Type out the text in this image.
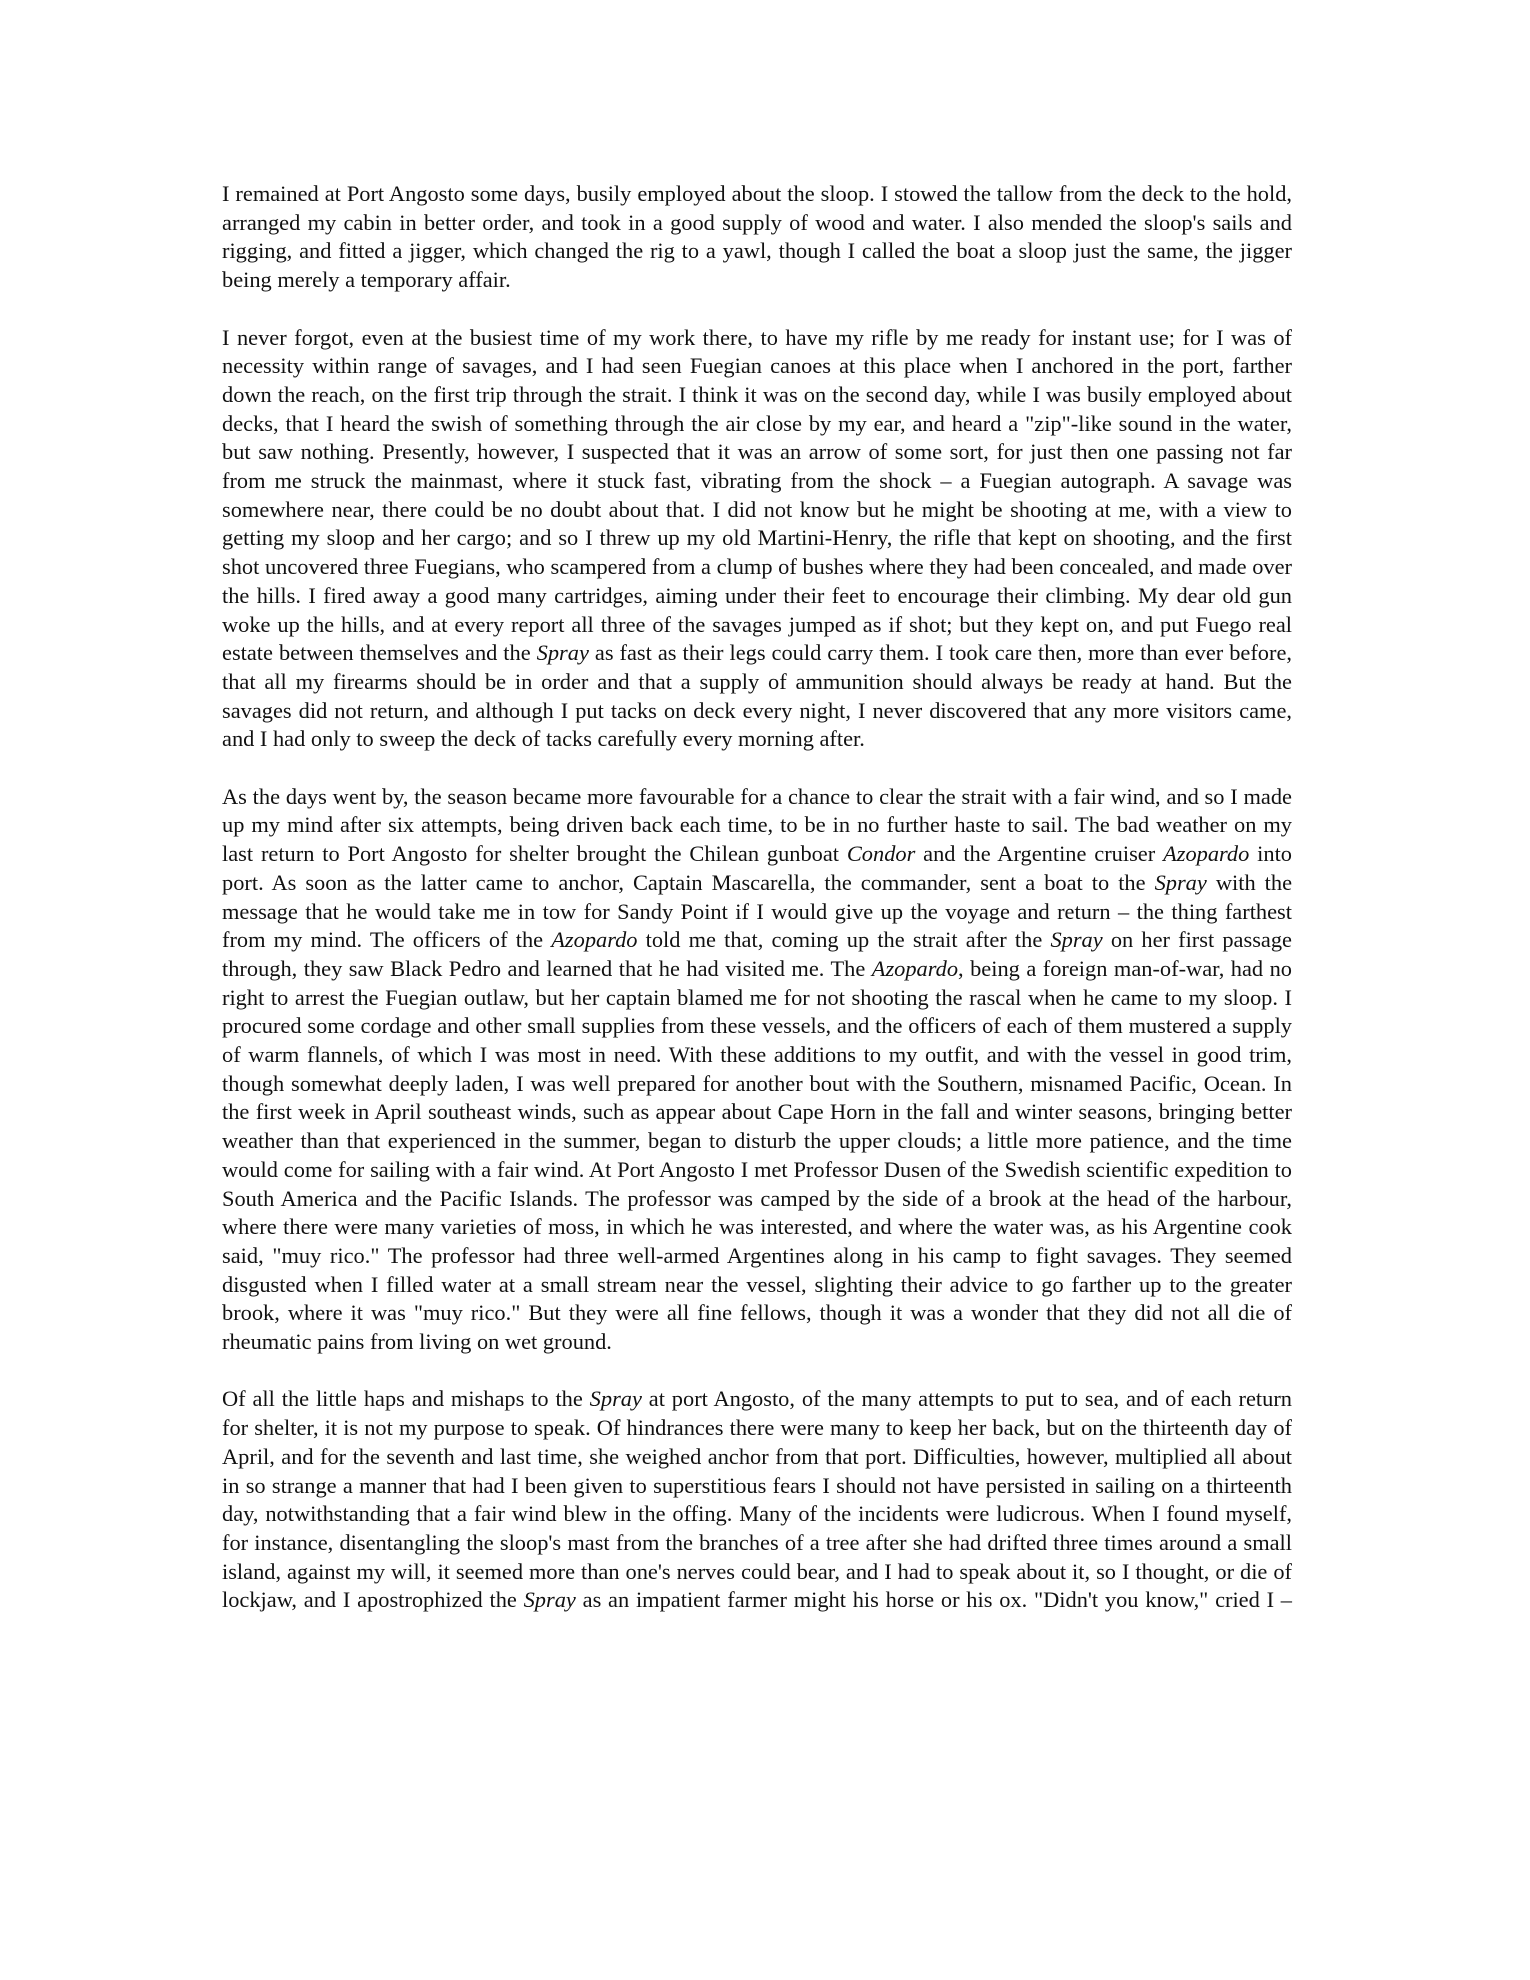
I remained at Port Angosto some days, busily employed about the sloop. I stowed the tallow from the deck to the hold, arranged my cabin in better order, and took in a good supply of wood and water. I also mended the sloop's sails and rigging, and fitted a jigger, which changed the rig to a yawl, though I called the boat a sloop just the same, the jigger being merely a temporary affair.

I never forgot, even at the busiest time of my work there, to have my rifle by me ready for instant use; for I was of necessity within range of savages, and I had seen Fuegian canoes at this place when I anchored in the port, farther down the reach, on the first trip through the strait. I think it was on the second day, while I was busily employed about decks, that I heard the swish of something through the air close by my ear, and heard a "zip"-like sound in the water, but saw nothing. Presently, however, I suspected that it was an arrow of some sort, for just then one passing not far from me struck the mainmast, where it stuck fast, vibrating from the shock – a Fuegian autograph. A savage was somewhere near, there could be no doubt about that. I did not know but he might be shooting at me, with a view to getting my sloop and her cargo; and so I threw up my old Martini-Henry, the rifle that kept on shooting, and the first shot uncovered three Fuegians, who scampered from a clump of bushes where they had been concealed, and made over the hills. I fired away a good many cartridges, aiming under their feet to encourage their climbing. My dear old gun woke up the hills, and at every report all three of the savages jumped as if shot; but they kept on, and put Fuego real estate between themselves and the Spray as fast as their legs could carry them. I took care then, more than ever before, that all my firearms should be in order and that a supply of ammunition should always be ready at hand. But the savages did not return, and although I put tacks on deck every night, I never discovered that any more visitors came, and I had only to sweep the deck of tacks carefully every morning after.

As the days went by, the season became more favourable for a chance to clear the strait with a fair wind, and so I made up my mind after six attempts, being driven back each time, to be in no further haste to sail. The bad weather on my last return to Port Angosto for shelter brought the Chilean gunboat Condor and the Argentine cruiser Azopardo into port. As soon as the latter came to anchor, Captain Mascarella, the commander, sent a boat to the Spray with the message that he would take me in tow for Sandy Point if I would give up the voyage and return – the thing farthest from my mind. The officers of the Azopardo told me that, coming up the strait after the Spray on her first passage through, they saw Black Pedro and learned that he had visited me. The Azopardo, being a foreign man-of-war, had no right to arrest the Fuegian outlaw, but her captain blamed me for not shooting the rascal when he came to my sloop. I procured some cordage and other small supplies from these vessels, and the officers of each of them mustered a supply of warm flannels, of which I was most in need. With these additions to my outfit, and with the vessel in good trim, though somewhat deeply laden, I was well prepared for another bout with the Southern, misnamed Pacific, Ocean. In the first week in April southeast winds, such as appear about Cape Horn in the fall and winter seasons, bringing better weather than that experienced in the summer, began to disturb the upper clouds; a little more patience, and the time would come for sailing with a fair wind. At Port Angosto I met Professor Dusen of the Swedish scientific expedition to South America and the Pacific Islands. The professor was camped by the side of a brook at the head of the harbour, where there were many varieties of moss, in which he was interested, and where the water was, as his Argentine cook said, "muy rico." The professor had three well-armed Argentines along in his camp to fight savages. They seemed disgusted when I filled water at a small stream near the vessel, slighting their advice to go farther up to the greater brook, where it was "muy rico." But they were all fine fellows, though it was a wonder that they did not all die of rheumatic pains from living on wet ground.

Of all the little haps and mishaps to the Spray at port Angosto, of the many attempts to put to sea, and of each return for shelter, it is not my purpose to speak. Of hindrances there were many to keep her back, but on the thirteenth day of April, and for the seventh and last time, she weighed anchor from that port. Difficulties, however, multiplied all about in so strange a manner that had I been given to superstitious fears I should not have persisted in sailing on a thirteenth day, notwithstanding that a fair wind blew in the offing. Many of the incidents were ludicrous. When I found myself, for instance, disentangling the sloop's mast from the branches of a tree after she had drifted three times around a small island, against my will, it seemed more than one's nerves could bear, and I had to speak about it, so I thought, or die of lockjaw, and I apostrophized the Spray as an impatient farmer might his horse or his ox. "Didn't you know," cried I –
